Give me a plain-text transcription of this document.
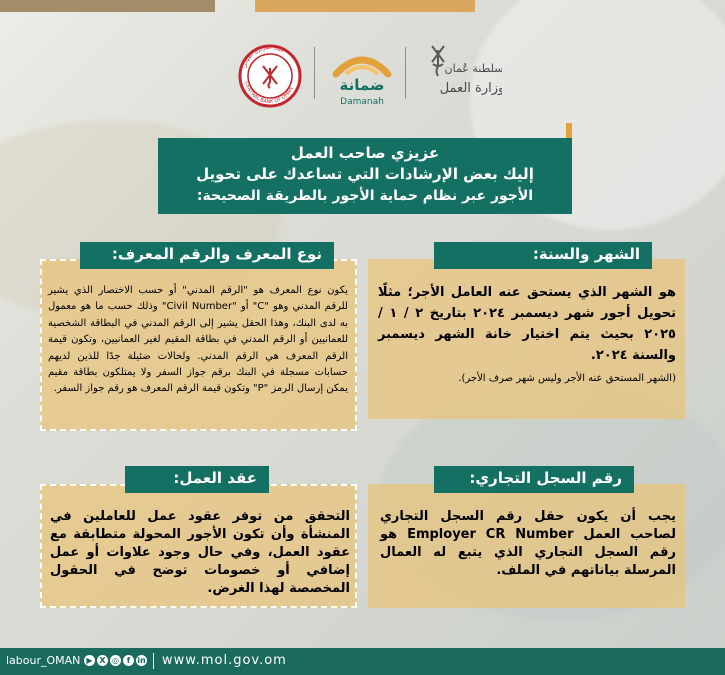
سلطنة عُمان
وزارة العمل
ضمانة
Damanah
CENTRAL BANK OF OMAN
البنك المركزي العماني
عزيزي صاحب العمل
إليك بعض الإرشادات التي تساعدك على تحويل
الأجور عبر نظام حماية الأجور بالطريقة الصحيحة:
الشهر والسنة:
هو الشهر الذي يستحق عنه العامل الأجر؛ مثلًا تحويل أجور شهر ديسمبر ٢٠٢٤ بتاريخ ٢ / ١ / ٢٠٢٥ بحيث يتم اختيار خانة الشهر ديسمبر والسنة ٢٠٢٤.
(الشهر المستحق عنه الأجر وليس شهر صرف الأجر).
نوع المعرف والرقم المعرف:
يكون نوع المعرف هو "الرقم المدني" أو حسب الاختصار الذي يشير للرقم المدني وهو "C" أو "Civil Number" وذلك حسب ما هو معمول به لدى البنك، وهذا الحقل يشير إلى الرقم المدني في البطاقة الشخصية للعمانيين أو الرقم المدني في بطاقة المقيم لغير العمانيين، وتكون قيمة الرقم المعرف هي الرقم المدني. ولحالات ضئيلة جدًا للذين لديهم حسابات مسجلة في البنك برقم جواز السفر ولا يمتلكون بطاقة مقيم يمكن إرسال الرمز "P" وتكون قيمة الرقم المعرف هو رقم جواز السفر.
رقم السجل التجاري:
يجب أن يكون حقل رقم السجل التجاري لصاحب العمل Employer CR Number هو رقم السجل التجاري الذي يتبع له العمال المرسلة بياناتهم في الملف.
عقد العمل:
التحقق من توفر عقود عمل للعاملين في المنشأة وأن تكون الأجور المحولة متطابقة مع عقود العمل، وفي حال وجود علاوات أو عمل إضافي أو خصومات توضح في الحقول المخصصة لهذا الغرض.
labour_OMAN ▶ X ◎ f in www.mol.gov.om
